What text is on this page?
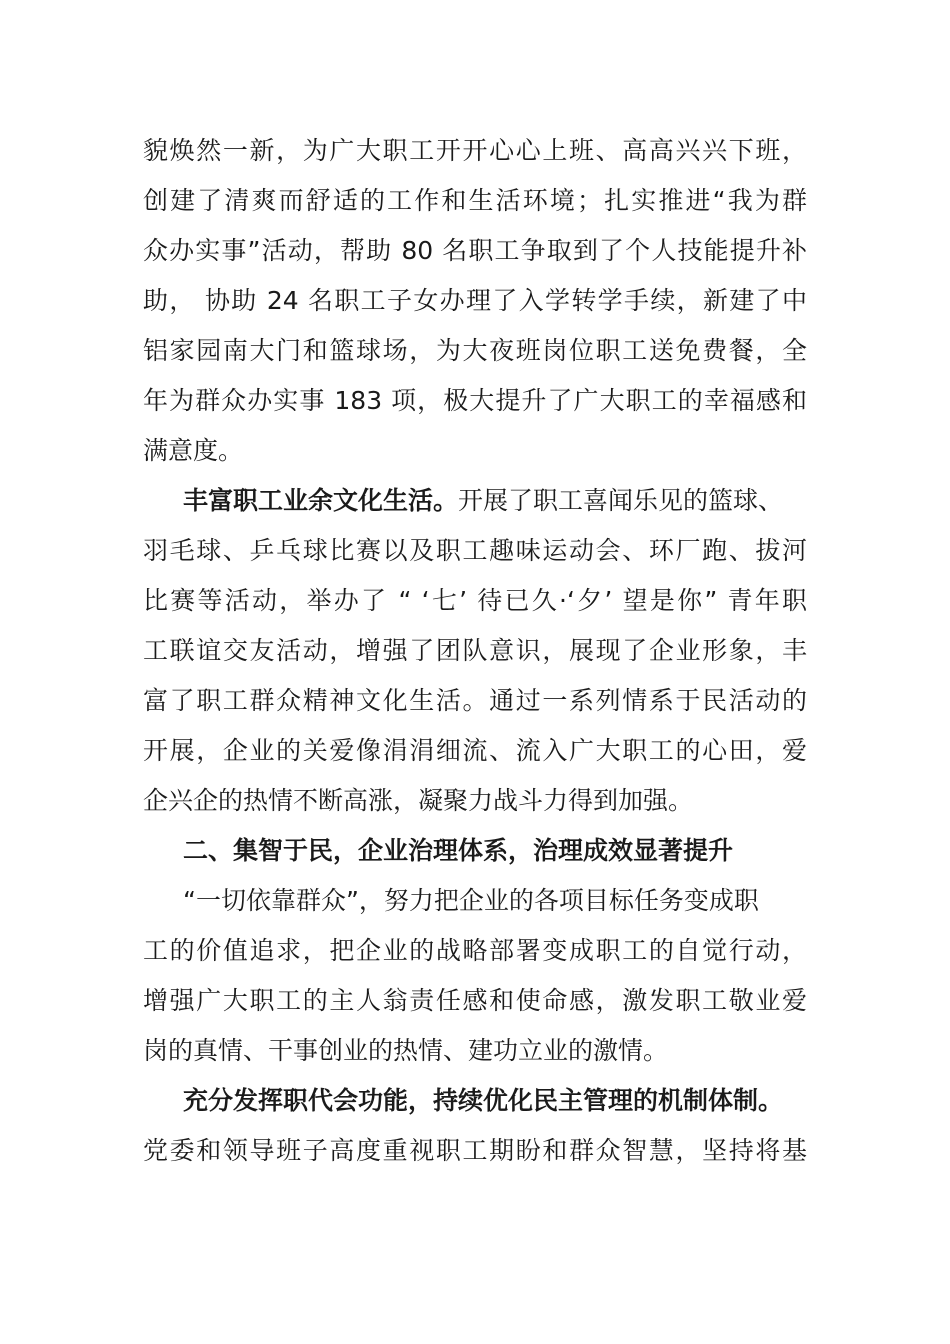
貌焕然一新，为广大职工开开心心上班、高高兴兴下班，
创建了清爽而舒适的工作和生活环境；扎实推进“我为群
众办实事”活动，帮助 80 名职工争取到了个人技能提升补
助， 协助 24 名职工子女办理了入学转学手续，新建了中
铝家园南大门和篮球场，为大夜班岗位职工送免费餐，全
年为群众办实事 183 项，极大提升了广大职工的幸福感和
满意度。
丰富职工业余文化生活。开展了职工喜闻乐见的篮球、
羽毛球、乒乓球比赛以及职工趣味运动会、环厂跑、拔河
比赛等活动，举办了 “ ‘七’ 待已久·‘夕’ 望是你” 青年职
工联谊交友活动，增强了团队意识，展现了企业形象，丰
富了职工群众精神文化生活。通过一系列情系于民活动的
开展，企业的关爱像涓涓细流、流入广大职工的心田，爱
企兴企的热情不断高涨，凝聚力战斗力得到加强。
二、集智于民，企业治理体系，治理成效显著提升
“一切依靠群众”，努力把企业的各项目标任务变成职
工的价值追求，把企业的战略部署变成职工的自觉行动，
增强广大职工的主人翁责任感和使命感，激发职工敬业爱
岗的真情、干事创业的热情、建功立业的激情。
充分发挥职代会功能，持续优化民主管理的机制体制。
党委和领导班子高度重视职工期盼和群众智慧，坚持将基
